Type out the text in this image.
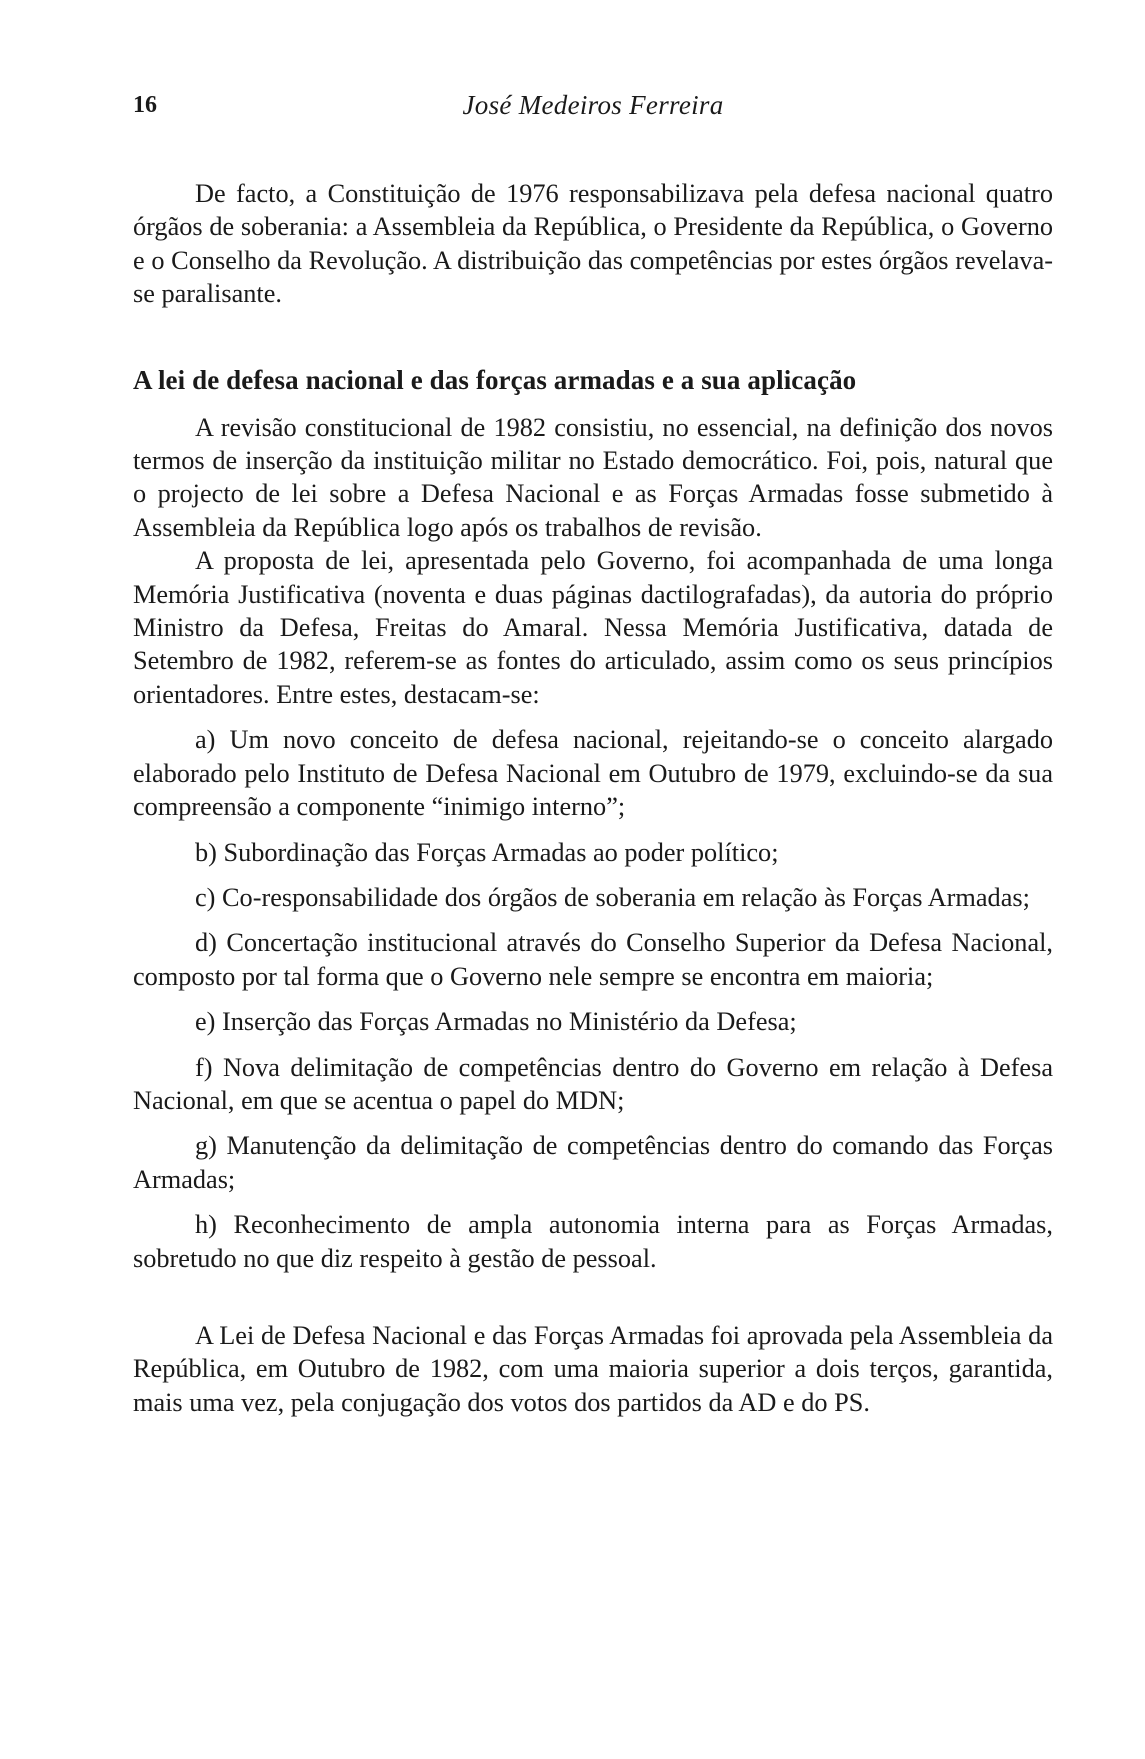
16	José Medeiros Ferreira

De facto, a Constituição de 1976 responsabilizava pela defesa nacional quatro órgãos de soberania: a Assembleia da República, o Presidente da República, o Governo e o Conselho da Revolução. A distribuição das competências por estes órgãos revelava-se paralisante.

A lei de defesa nacional e das forças armadas e a sua aplicação

A revisão constitucional de 1982 consistiu, no essencial, na definição dos novos termos de inserção da instituição militar no Estado democrático. Foi, pois, natural que o projecto de lei sobre a Defesa Nacional e as Forças Armadas fosse submetido à Assembleia da República logo após os trabalhos de revisão.

A proposta de lei, apresentada pelo Governo, foi acompanhada de uma longa Memória Justificativa (noventa e duas páginas dactilografadas), da autoria do próprio Ministro da Defesa, Freitas do Amaral. Nessa Memória Justificativa, datada de Setembro de 1982, referem-se as fontes do articulado, assim como os seus princípios orientadores. Entre estes, destacam-se:

a) Um novo conceito de defesa nacional, rejeitando-se o conceito alargado elaborado pelo Instituto de Defesa Nacional em Outubro de 1979, excluindo-se da sua compreensão a componente “inimigo interno”;
b) Subordinação das Forças Armadas ao poder político;
c) Co-responsabilidade dos órgãos de soberania em relação às Forças Armadas;
d) Concertação institucional através do Conselho Superior da Defesa Nacional, composto por tal forma que o Governo nele sempre se encontra em maioria;
e) Inserção das Forças Armadas no Ministério da Defesa;
f) Nova delimitação de competências dentro do Governo em relação à Defesa Nacional, em que se acentua o papel do MDN;
g) Manutenção da delimitação de competências dentro do comando das Forças Armadas;
h) Reconhecimento de ampla autonomia interna para as Forças Armadas, sobretudo no que diz respeito à gestão de pessoal.

A Lei de Defesa Nacional e das Forças Armadas foi aprovada pela Assembleia da República, em Outubro de 1982, com uma maioria superior a dois terços, garantida, mais uma vez, pela conjugação dos votos dos partidos da AD e do PS.
